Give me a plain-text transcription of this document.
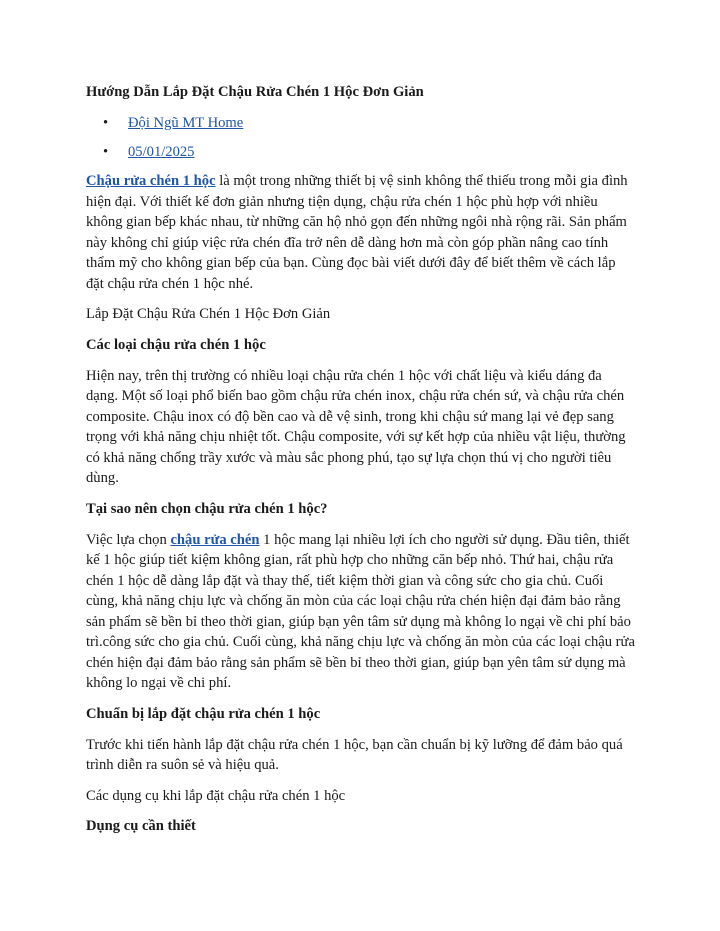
Hướng Dẫn Lắp Đặt Chậu Rửa Chén 1 Hộc Đơn Giản
• Đội Ngũ MT Home
• 05/01/2025

Chậu rửa chén 1 hộc là một trong những thiết bị vệ sinh không thể thiếu trong mỗi gia đình hiện đại. Với thiết kế đơn giản nhưng tiện dụng, chậu rửa chén 1 hộc phù hợp với nhiều không gian bếp khác nhau, từ những căn hộ nhỏ gọn đến những ngôi nhà rộng rãi. Sản phẩm này không chỉ giúp việc rửa chén đĩa trở nên dễ dàng hơn mà còn góp phần nâng cao tính thẩm mỹ cho không gian bếp của bạn. Cùng đọc bài viết dưới đây để biết thêm về cách lắp đặt chậu rửa chén 1 hộc nhé.

Lắp Đặt Chậu Rửa Chén 1 Hộc Đơn Giản

Các loại chậu rửa chén 1 hộc

Hiện nay, trên thị trường có nhiều loại chậu rửa chén 1 hộc với chất liệu và kiểu dáng đa dạng. Một số loại phổ biến bao gồm chậu rửa chén inox, chậu rửa chén sứ, và chậu rửa chén composite. Chậu inox có độ bền cao và dễ vệ sinh, trong khi chậu sứ mang lại vẻ đẹp sang trọng với khả năng chịu nhiệt tốt. Chậu composite, với sự kết hợp của nhiều vật liệu, thường có khả năng chống trầy xước và màu sắc phong phú, tạo sự lựa chọn thú vị cho người tiêu dùng.

Tại sao nên chọn chậu rửa chén 1 hộc?

Việc lựa chọn chậu rửa chén 1 hộc mang lại nhiều lợi ích cho người sử dụng. Đầu tiên, thiết kế 1 hộc giúp tiết kiệm không gian, rất phù hợp cho những căn bếp nhỏ. Thứ hai, chậu rửa chén 1 hộc dễ dàng lắp đặt và thay thế, tiết kiệm thời gian và công sức cho gia chủ. Cuối cùng, khả năng chịu lực và chống ăn mòn của các loại chậu rửa chén hiện đại đảm bảo rằng sản phẩm sẽ bền bỉ theo thời gian, giúp bạn yên tâm sử dụng mà không lo ngại về chi phí bảo trì.công sức cho gia chủ. Cuối cùng, khả năng chịu lực và chống ăn mòn của các loại chậu rửa chén hiện đại đảm bảo rằng sản phẩm sẽ bền bỉ theo thời gian, giúp bạn yên tâm sử dụng mà không lo ngại về chi phí.

Chuẩn bị lắp đặt chậu rửa chén 1 hộc

Trước khi tiến hành lắp đặt chậu rửa chén 1 hộc, bạn cần chuẩn bị kỹ lưỡng để đảm bảo quá trình diễn ra suôn sẻ và hiệu quả.

Các dụng cụ khi lắp đặt chậu rửa chén 1 hộc

Dụng cụ cần thiết
